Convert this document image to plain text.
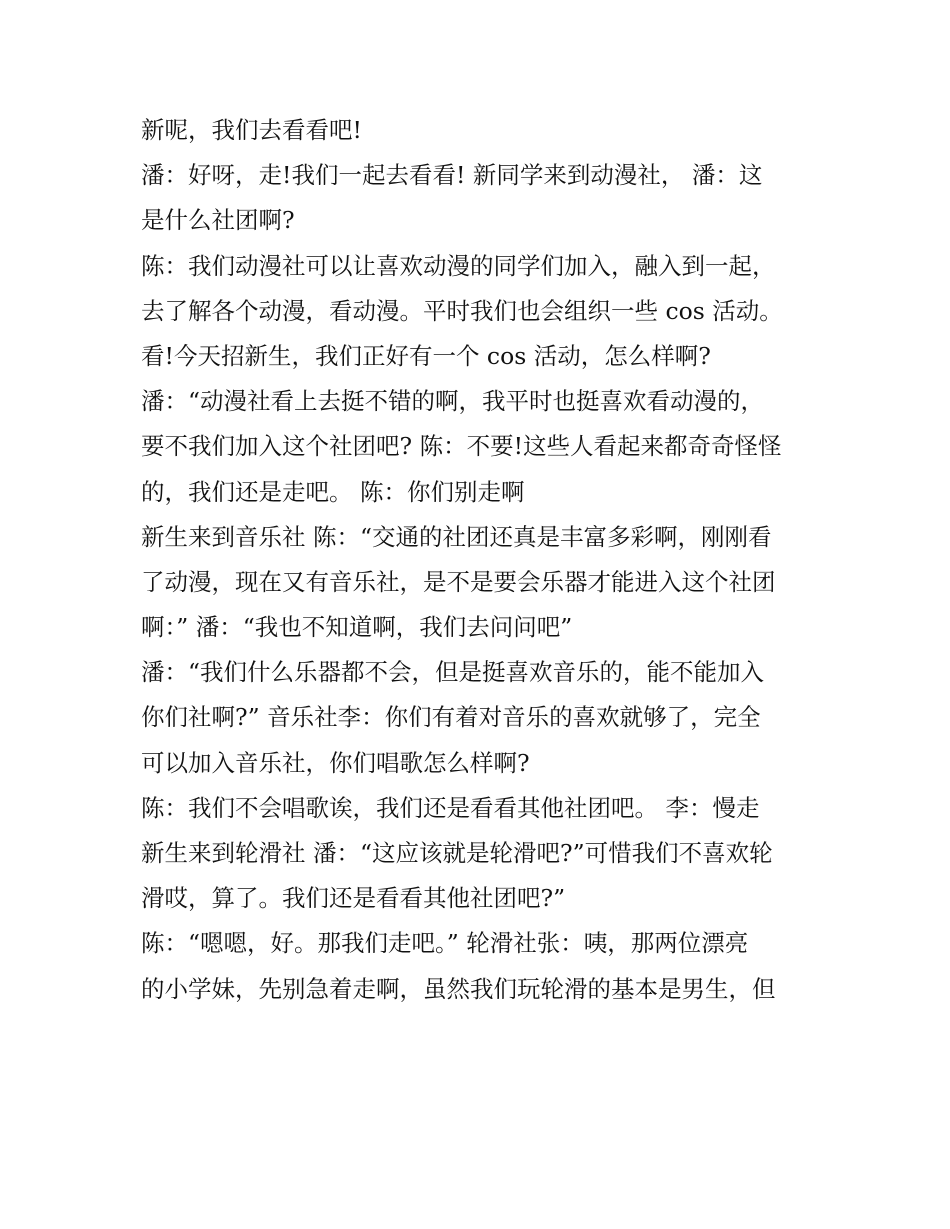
新呢，我们去看看吧!
潘：好呀，走!我们一起去看看! 新同学来到动漫社， 潘：这
是什么社团啊?
陈：我们动漫社可以让喜欢动漫的同学们加入，融入到一起，
去了解各个动漫，看动漫。平时我们也会组织一些 cos 活动。
看!今天招新生，我们正好有一个 cos 活动，怎么样啊?
潘：“动漫社看上去挺不错的啊，我平时也挺喜欢看动漫的，
要不我们加入这个社团吧? 陈：不要!这些人看起来都奇奇怪怪
的，我们还是走吧。 陈：你们别走啊
新生来到音乐社 陈：“交通的社团还真是丰富多彩啊，刚刚看
了动漫，现在又有音乐社，是不是要会乐器才能进入这个社团
啊：” 潘：“我也不知道啊，我们去问问吧”
潘：“我们什么乐器都不会，但是挺喜欢音乐的，能不能加入
你们社啊?” 音乐社李：你们有着对音乐的喜欢就够了，完全
可以加入音乐社，你们唱歌怎么样啊?
陈：我们不会唱歌诶，我们还是看看其他社团吧。 李：慢走
新生来到轮滑社 潘：“这应该就是轮滑吧?”可惜我们不喜欢轮
滑哎，算了。我们还是看看其他社团吧?”
陈：“嗯嗯，好。那我们走吧。” 轮滑社张：咦，那两位漂亮
的小学妹，先别急着走啊，虽然我们玩轮滑的基本是男生，但
